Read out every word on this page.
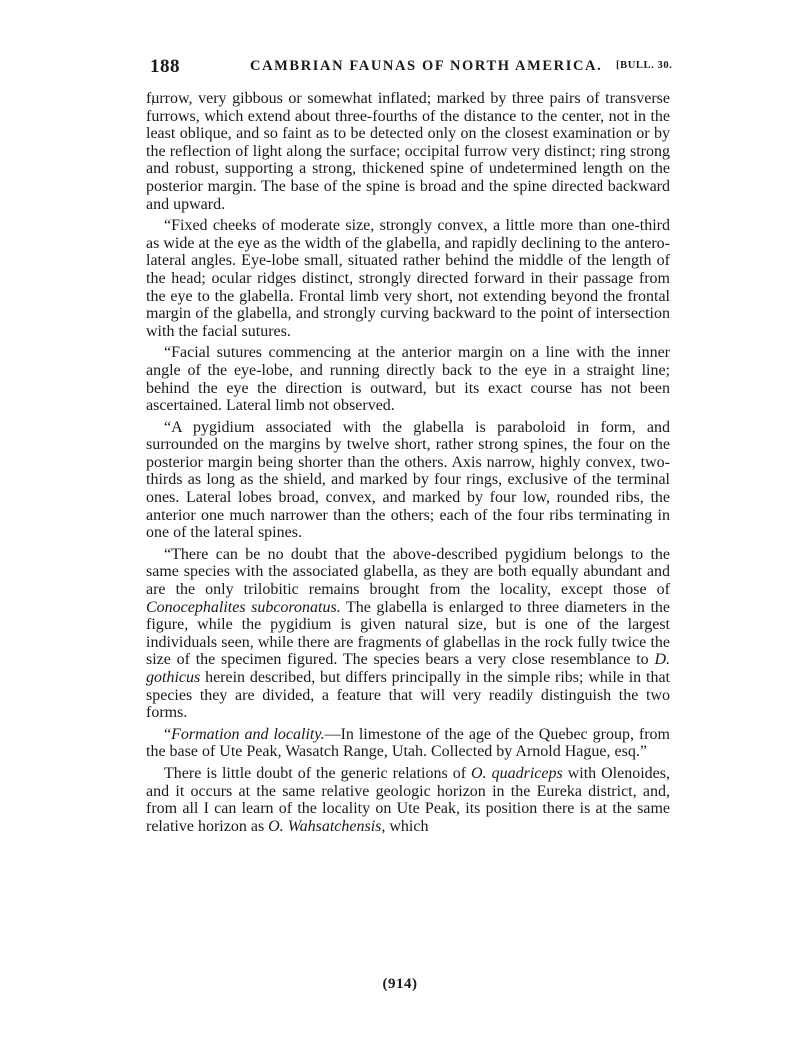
188	CAMBRIAN FAUNAS OF NORTH AMERICA. [BULL. 30.

furrow, very gibbous or somewhat inflated; marked by three pairs of transverse furrows, which extend about three-fourths of the distance to the center, not in the least oblique, and so faint as to be detected only on the closest examination or by the reflection of light along the surface; occipital furrow very distinct; ring strong and robust, supporting a strong, thickened spine of undetermined length on the posterior margin. The base of the spine is broad and the spine directed backward and upward.

“Fixed cheeks of moderate size, strongly convex, a little more than one-third as wide at the eye as the width of the glabella, and rapidly declining to the antero-lateral angles. Eye-lobe small, situated rather behind the middle of the length of the head; ocular ridges distinct, strongly directed forward in their passage from the eye to the glabella. Frontal limb very short, not extending beyond the frontal margin of the glabella, and strongly curving backward to the point of intersection with the facial sutures.

“Facial sutures commencing at the anterior margin on a line with the inner angle of the eye-lobe, and running directly back to the eye in a straight line; behind the eye the direction is outward, but its exact course has not been ascertained. Lateral limb not observed.

“A pygidium associated with the glabella is paraboloid in form, and surrounded on the margins by twelve short, rather strong spines, the four on the posterior margin being shorter than the others. Axis narrow, highly convex, two-thirds as long as the shield, and marked by four rings, exclusive of the terminal ones. Lateral lobes broad, convex, and marked by four low, rounded ribs, the anterior one much narrower than the others; each of the four ribs terminating in one of the lateral spines.

“There can be no doubt that the above-described pygidium belongs to the same species with the associated glabella, as they are both equally abundant and are the only trilobitic remains brought from the locality, except those of Conocephalites subcoronatus. The glabella is enlarged to three diameters in the figure, while the pygidium is given natural size, but is one of the largest individuals seen, while there are fragments of glabellas in the rock fully twice the size of the specimen figured. The species bears a very close resemblance to D. gothicus herein described, but differs principally in the simple ribs; while in that species they are divided, a feature that will very readily distinguish the two forms.

“Formation and locality.—In limestone of the age of the Quebec group, from the base of Ute Peak, Wasatch Range, Utah. Collected by Arnold Hague, esq.”

There is little doubt of the generic relations of O. quadriceps with Olenoides, and it occurs at the same relative geologic horizon in the Eureka district, and, from all I can learn of the locality on Ute Peak, its position there is at the same relative horizon as O. Wahsatchensis, which

(914)
